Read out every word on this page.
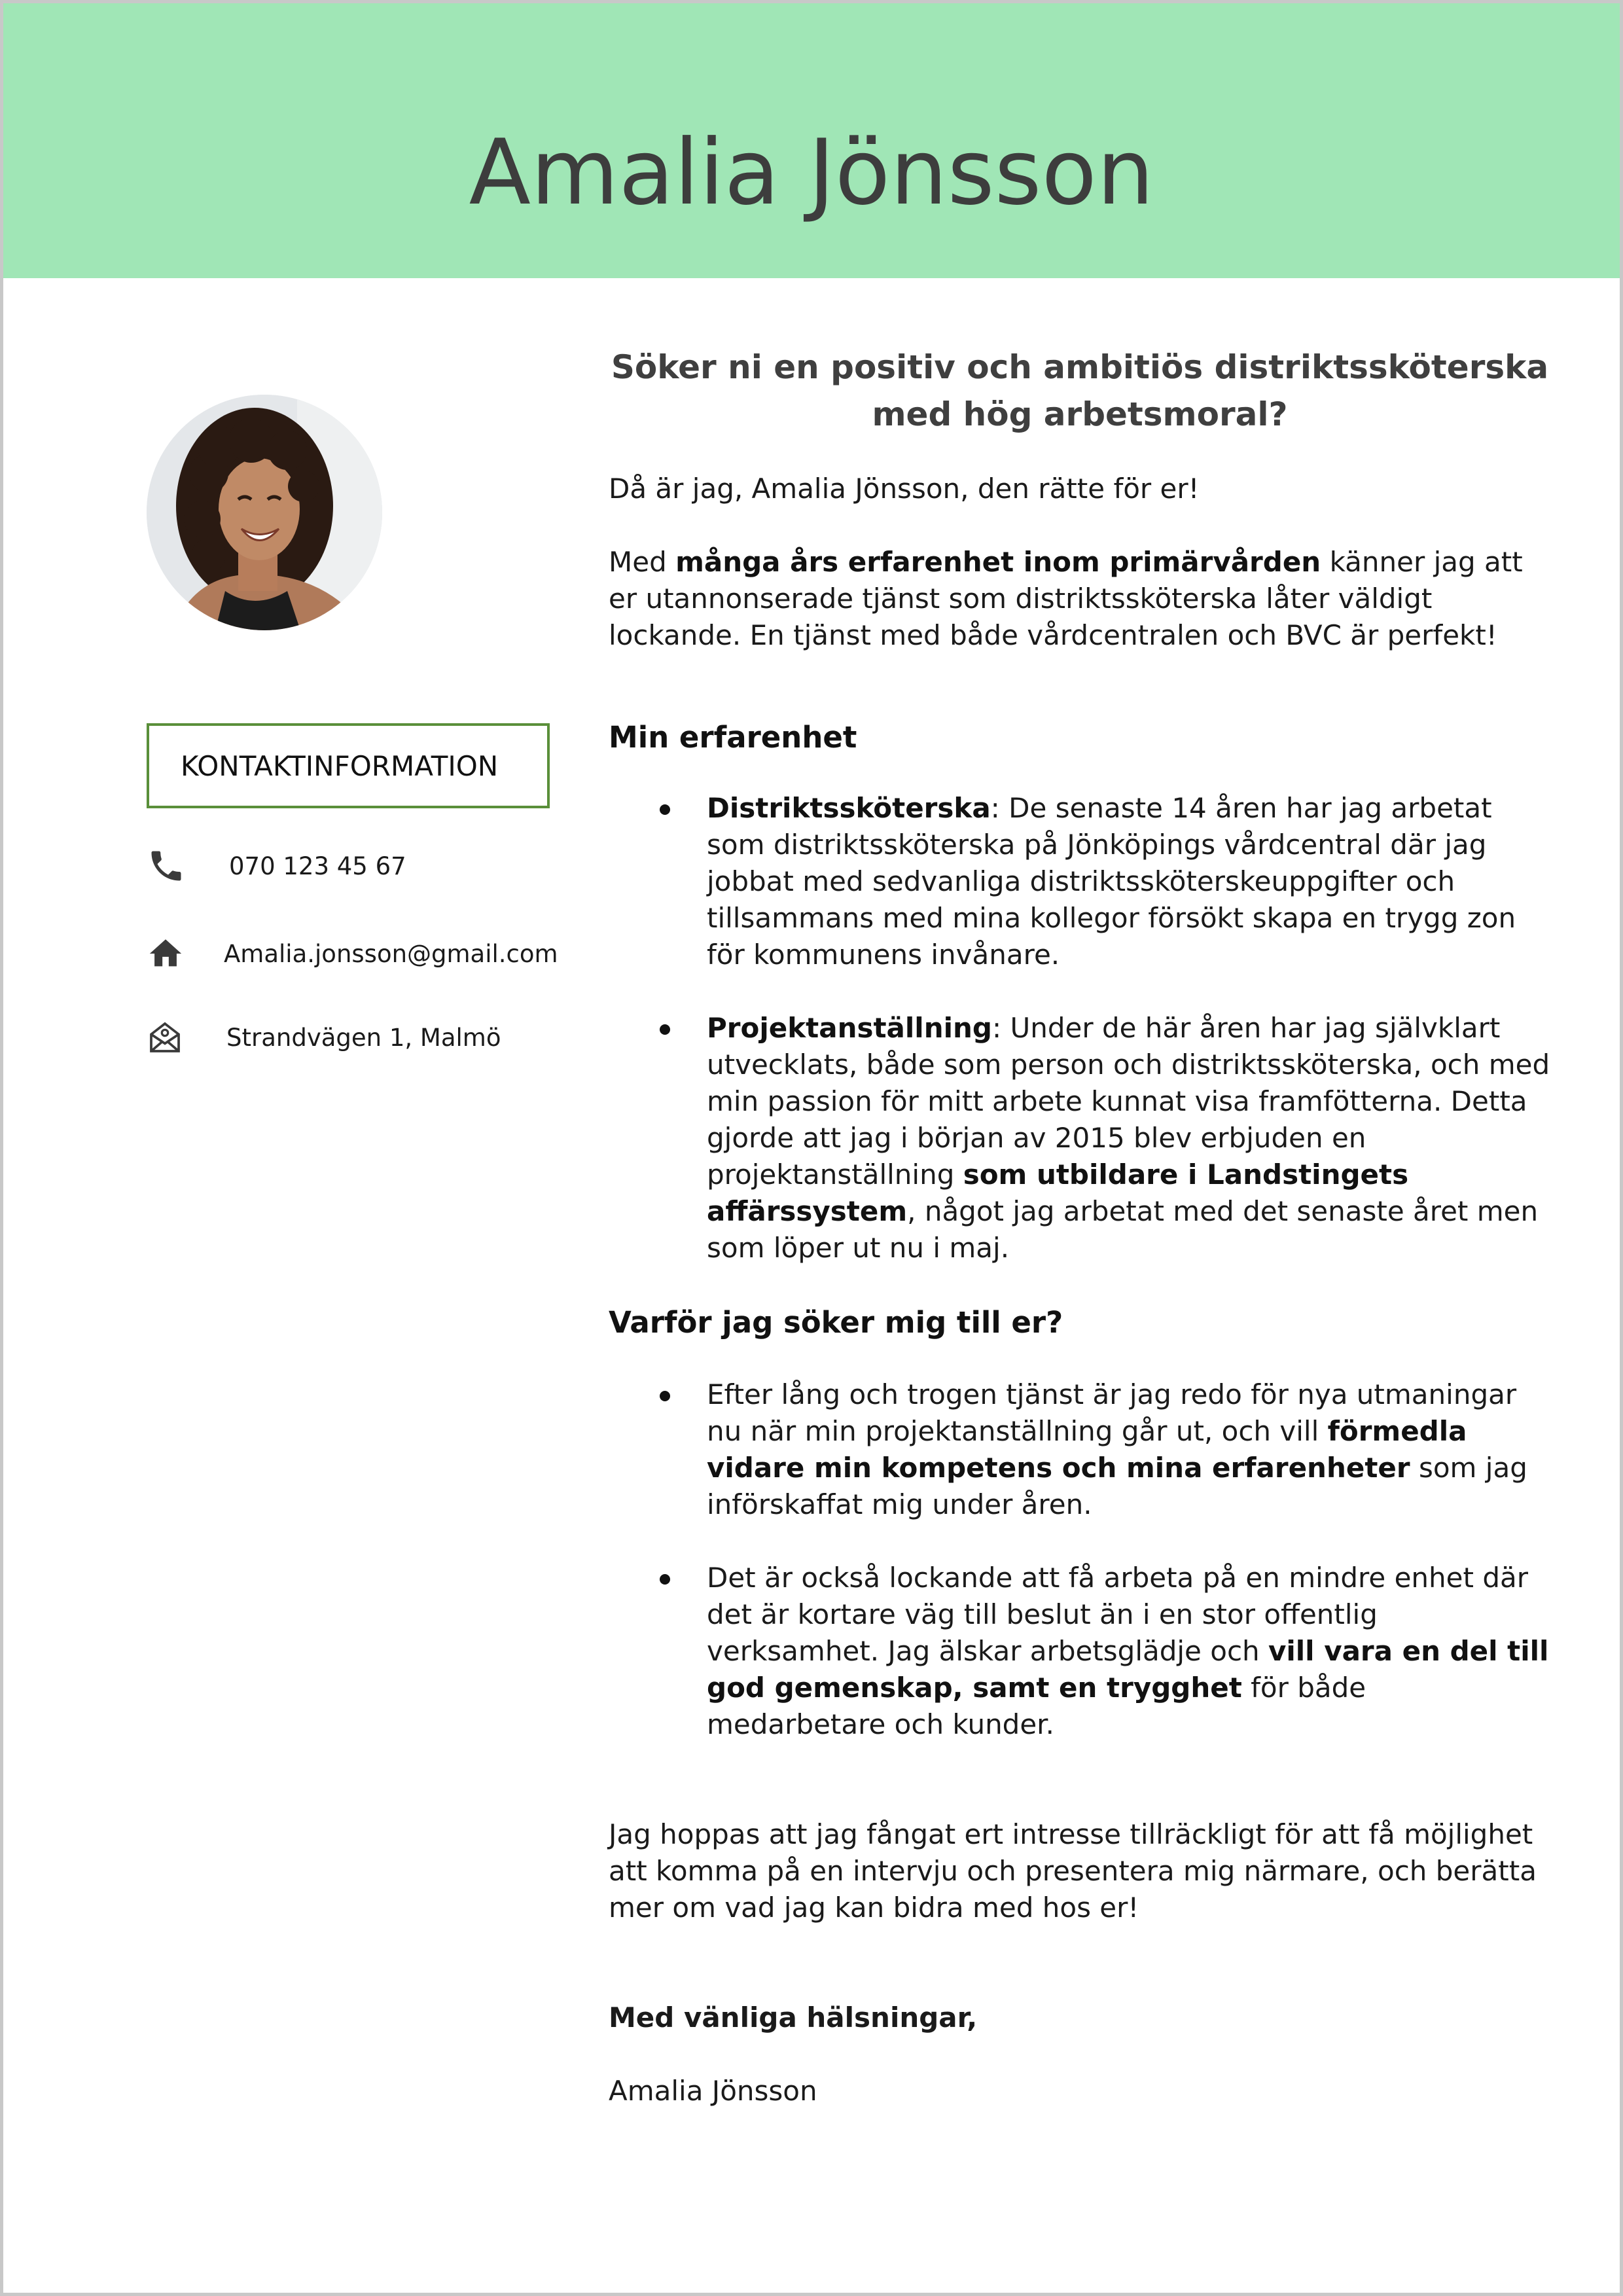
Amalia Jönsson
KONTAKTINFORMATION
070 123 45 67
Amalia.jonsson@gmail.com
Strandvägen 1, Malmö

Söker ni en positiv och ambitiös distriktssköterska med hög arbetsmoral?

Då är jag, Amalia Jönsson, den rätte för er!

Med många års erfarenhet inom primärvården känner jag att er utannonserade tjänst som distriktssköterska låter väldigt lockande. En tjänst med både vårdcentralen och BVC är perfekt!

Min erfarenhet

Distriktssköterska: De senaste 14 åren har jag arbetat som distriktssköterska på Jönköpings vårdcentral där jag jobbat med sedvanliga distriktssköterskeuppgifter och tillsammans med mina kollegor försökt skapa en trygg zon för kommunens invånare.
Projektanställning: Under de här åren har jag självklart utvecklats, både som person och distriktssköterska, och med min passion för mitt arbete kunnat visa framfötterna. Detta gjorde att jag i början av 2015 blev erbjuden en projektanställning som utbildare i Landstingets affärssystem, något jag arbetat med det senaste året men som löper ut nu i maj.

Varför jag söker mig till er?

Efter lång och trogen tjänst är jag redo för nya utmaningar nu när min projektanställning går ut, och vill förmedla vidare min kompetens och mina erfarenheter som jag införskaffat mig under åren.
Det är också lockande att få arbeta på en mindre enhet där det är kortare väg till beslut än i en stor offentlig verksamhet. Jag älskar arbetsglädje och vill vara en del till god gemenskap, samt en trygghet för både medarbetare och kunder.

Jag hoppas att jag fångat ert intresse tillräckligt för att få möjlighet att komma på en intervju och presentera mig närmare, och berätta mer om vad jag kan bidra med hos er!

Med vänliga hälsningar,

Amalia Jönsson
